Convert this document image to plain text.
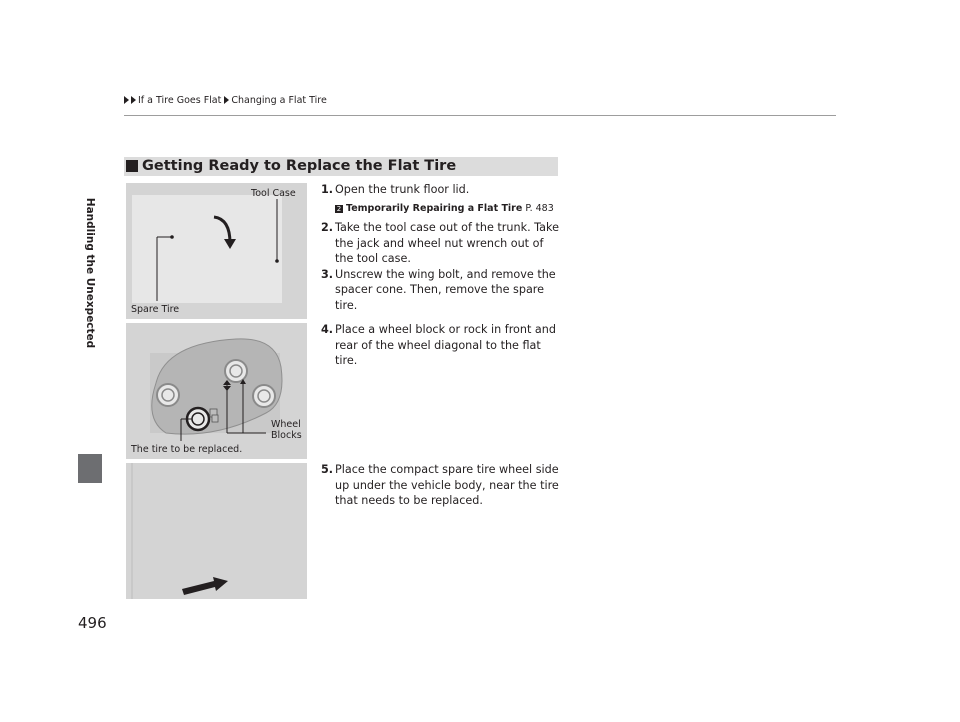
If a Tire Goes Flat Changing a Flat Tire
Handling the Unexpected
496
Getting Ready to Replace the Flat Tire
Tool Case
Spare Tire
Wheel
Blocks
The tire to be replaced.
1. Open the trunk floor lid.
2 Temporarily Repairing a Flat Tire P. 483
2. Take the tool case out of the trunk. Take the jack and wheel nut wrench out of the tool case.
3. Unscrew the wing bolt, and remove the spacer cone. Then, remove the spare tire.
4. Place a wheel block or rock in front and rear of the wheel diagonal to the flat tire.
5. Place the compact spare tire wheel side up under the vehicle body, near the tire that needs to be replaced.
